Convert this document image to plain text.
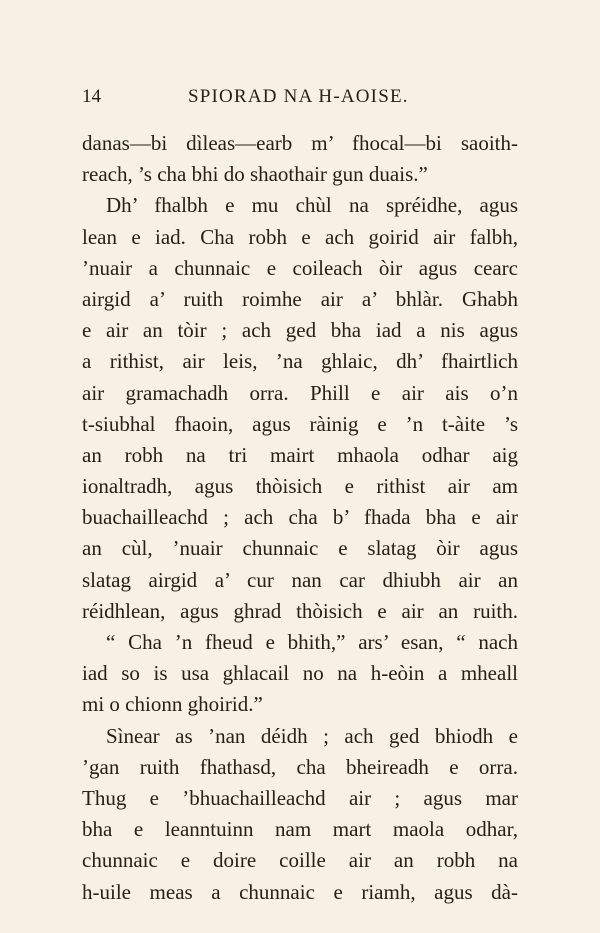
14	SPIORAD NA H-AOISE.
danas—bi dìleas—earb m’ fhocal—bi saoith-
reach, ’s cha bhi do shaothair gun duais.”
Dh’ fhalbh e mu chùl na spréidhe, agus
lean e iad. Cha robh e ach goirid air falbh,
’nuair a chunnaic e coileach òir agus cearc
airgid a’ ruith roimhe air a’ bhlàr. Ghabh
e air an tòir ; ach ged bha iad a nis agus
a rithist, air leis, ’na ghlaic, dh’ fhairtlich
air gramachadh orra. Phill e air ais o’n
t-siubhal fhaoin, agus ràinig e ’n t-àite ’s
an robh na tri mairt mhaola odhar aig
ionaltradh, agus thòisich e rithist air am
buachailleachd ; ach cha b’ fhada bha e air
an cùl, ’nuair chunnaic e slatag òir agus
slatag airgid a’ cur nan car dhiubh air an
réidhlean, agus ghrad thòisich e air an ruith.
“ Cha ’n fheud e bhith,” ars’ esan, “ nach
iad so is usa ghlacail no na h-eòin a mheall
mi o chionn ghoirid.”
Sìnear as ’nan déidh ; ach ged bhiodh e
’gan ruith fhathasd, cha bheireadh e orra.
Thug e ’bhuachailleachd air ; agus mar
bha e leanntuinn nam mart maola odhar,
chunnaic e doire coille air an robh na
h-uile meas a chunnaic e riamh, agus dà-
